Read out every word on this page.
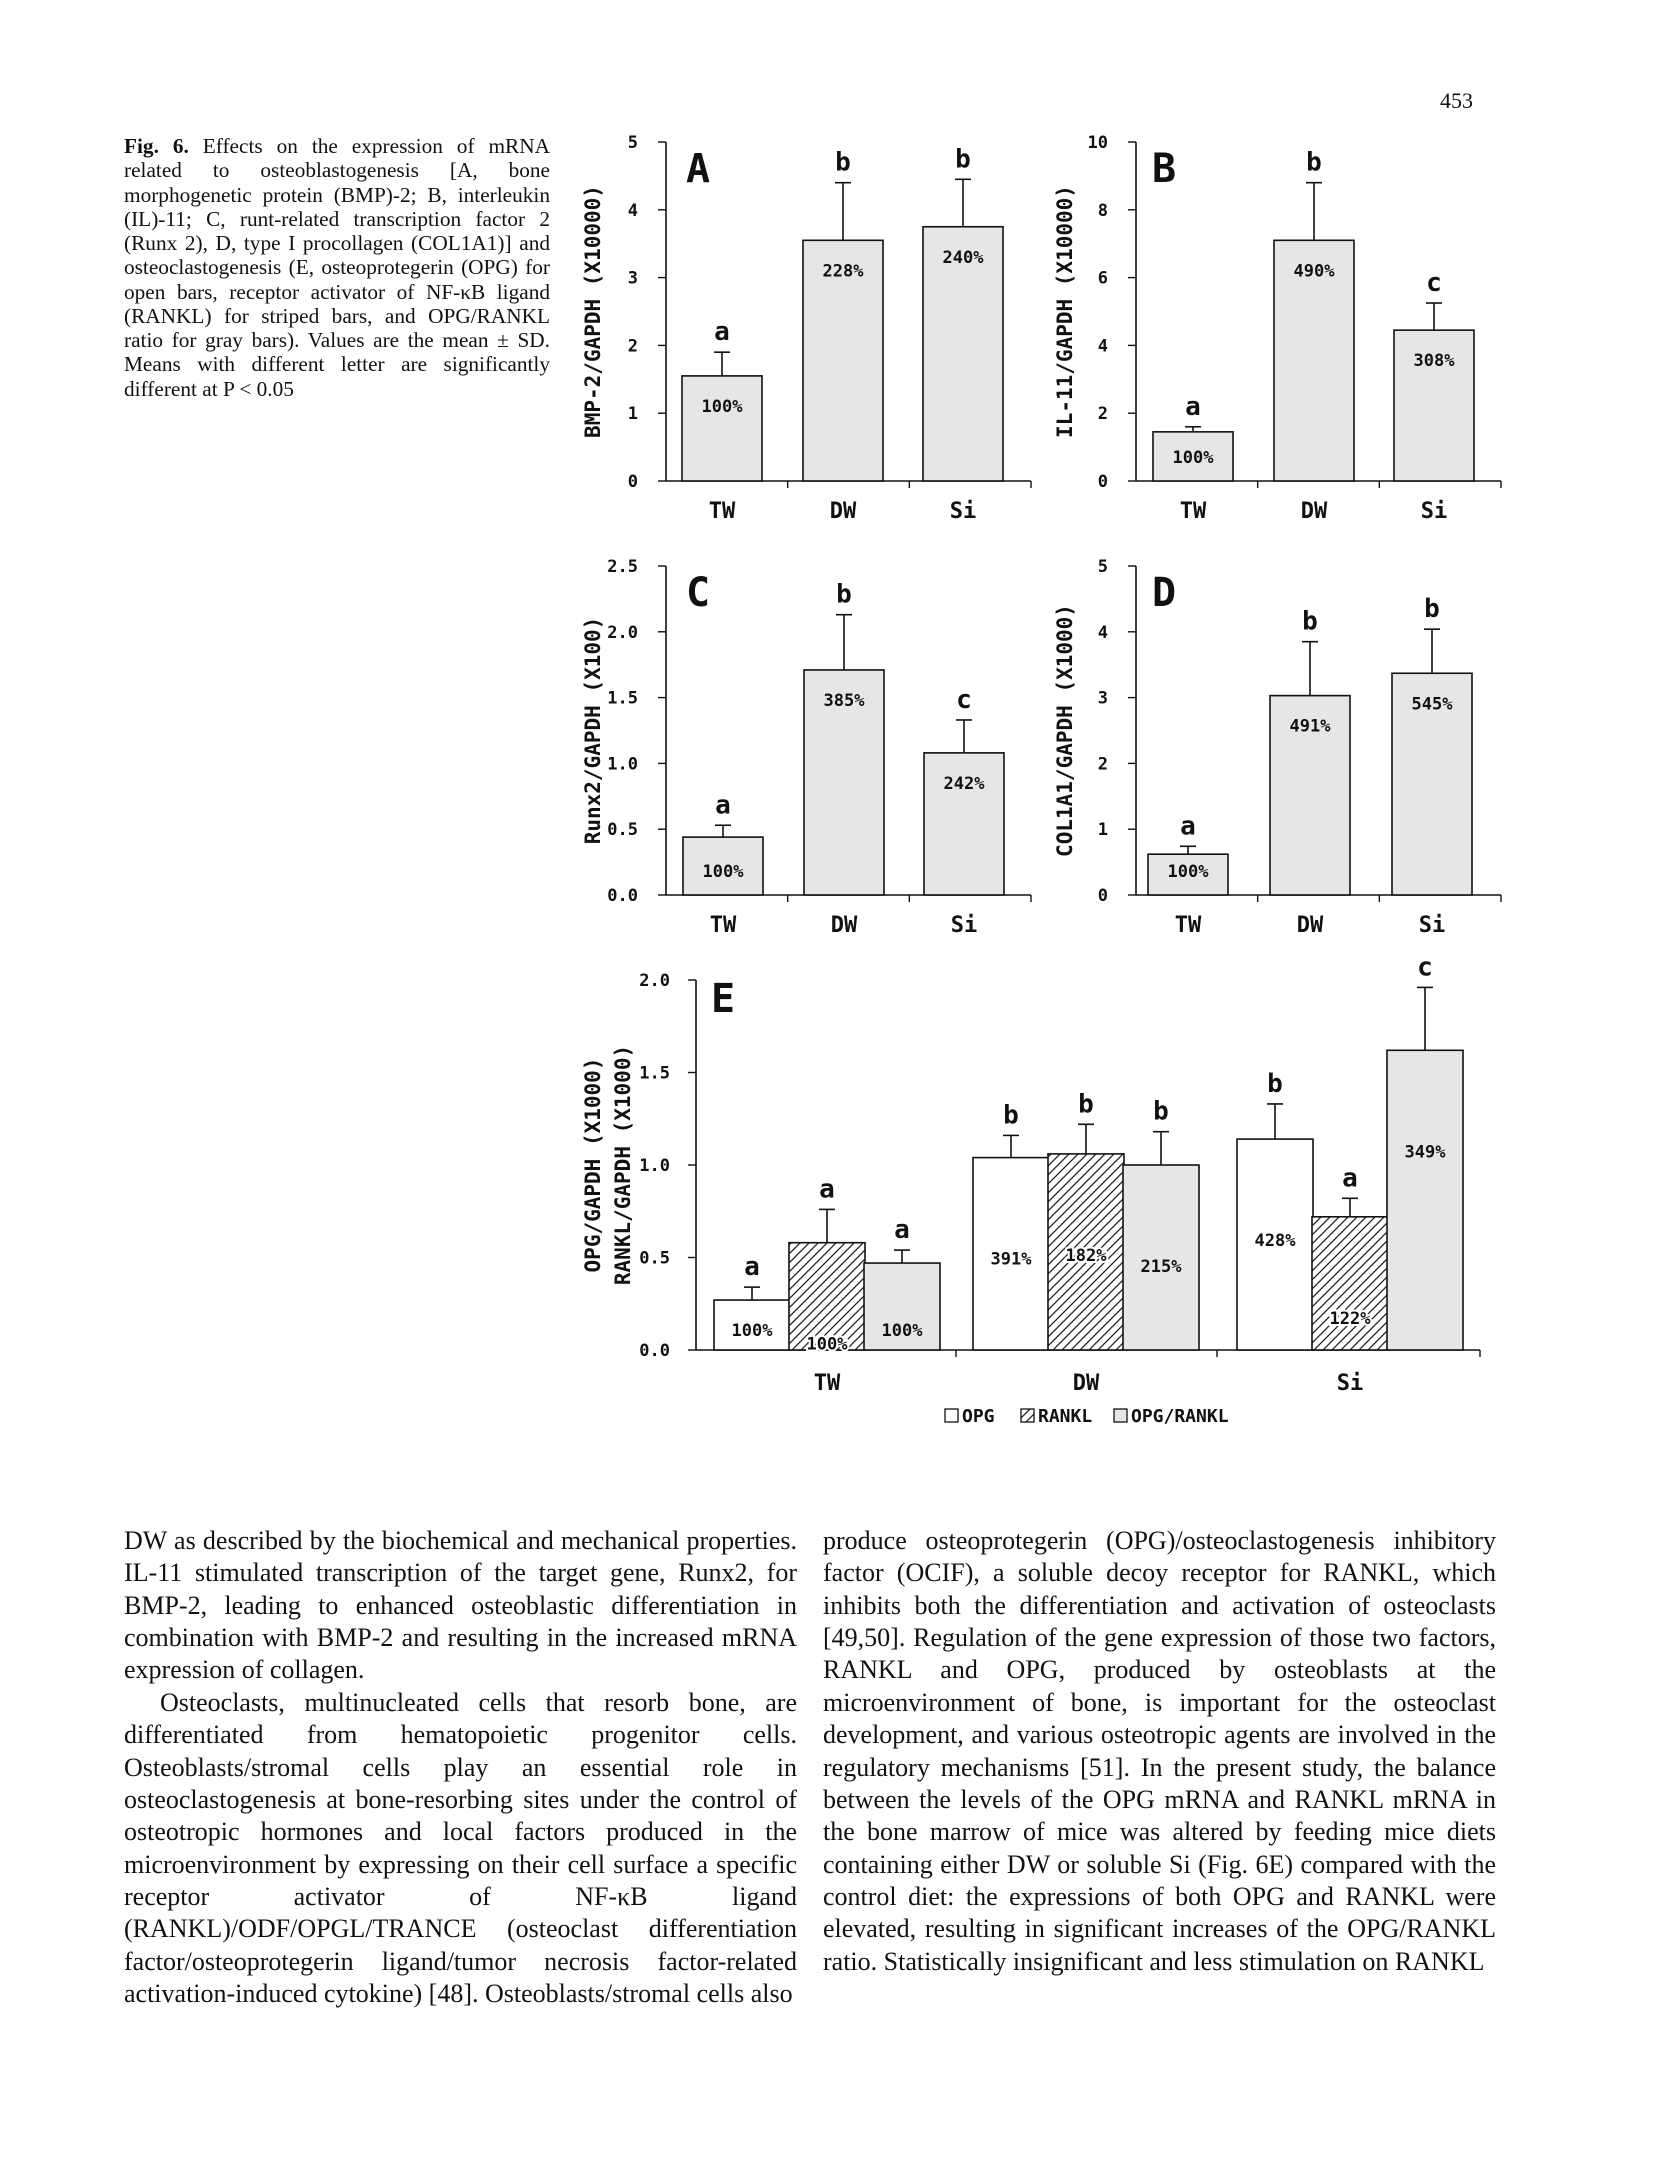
453
Fig. 6. Effects on the expression of mRNA related to osteoblastogenesis [A, bone morphogenetic protein (BMP)-2; B, interleukin (IL)-11; C, runt-related transcription factor 2 (Runx 2), D, type I procollagen (COL1A1)] and osteoclastogenesis (E, osteoprotegerin (OPG) for open bars, receptor activator of NF-κB ligand (RANKL) for striped bars, and OPG/RANKL ratio for gray bars). Values are the mean ± SD. Means with different letter are significantly different at P < 0.05
0
1
2
3
4
5
BMP-2/GAPDH (X10000)
A
a
100%
TW
b
228%
DW
b
240%
Si
0
2
4
6
8
10
IL-11/GAPDH (X10000)
B
a
100%
TW
b
490%
DW
c
308%
Si
0.0
0.5
1.0
1.5
2.0
2.5
Runx2/GAPDH (X100)
C
a
100%
TW
b
385%
DW
c
242%
Si
0
1
2
3
4
5
COL1A1/GAPDH (X1000)
D
a
100%
TW
b
491%
DW
b
545%
Si
0.0
0.5
1.0
1.5
2.0
OPG/GAPDH (X1000) RANKL/GAPDH (X1000)
E
a
100%
b
391%
b
428%
a
100%
b
182%
a
122%
a
100%
b
215%
c
349%
TW	DW	Si
OPG RANKL OPG/RANKL

DW as described by the biochemical and mechanical properties. IL-11 stimulated transcription of the target gene, Runx2, for BMP-2, leading to enhanced osteoblastic differentiation in combination with BMP-2 and resulting in the increased mRNA expression of collagen.

Osteoclasts, multinucleated cells that resorb bone, are differentiated from hematopoietic progenitor cells. Osteoblasts/stromal cells play an essential role in osteoclastogenesis at bone-resorbing sites under the control of osteotropic hormones and local factors produced in the microenvironment by expressing on their cell surface a specific receptor activator of NF-κB ligand (RANKL)/ODF/OPGL/TRANCE (osteoclast differentiation factor/osteoprotegerin ligand/tumor necrosis factor-related activation-induced cytokine) [48]. Osteoblasts/stromal cells also

produce osteoprotegerin (OPG)/osteoclastogenesis inhibitory factor (OCIF), a soluble decoy receptor for RANKL, which inhibits both the differentiation and activation of osteoclasts [49,50]. Regulation of the gene expression of those two factors, RANKL and OPG, produced by osteoblasts at the microenvironment of bone, is important for the osteoclast development, and various osteotropic agents are involved in the regulatory mechanisms [51]. In the present study, the balance between the levels of the OPG mRNA and RANKL mRNA in the bone marrow of mice was altered by feeding mice diets containing either DW or soluble Si (Fig. 6E) compared with the control diet: the expressions of both OPG and RANKL were elevated, resulting in significant increases of the OPG/RANKL ratio. Statistically insignificant and less stimulation on RANKL
